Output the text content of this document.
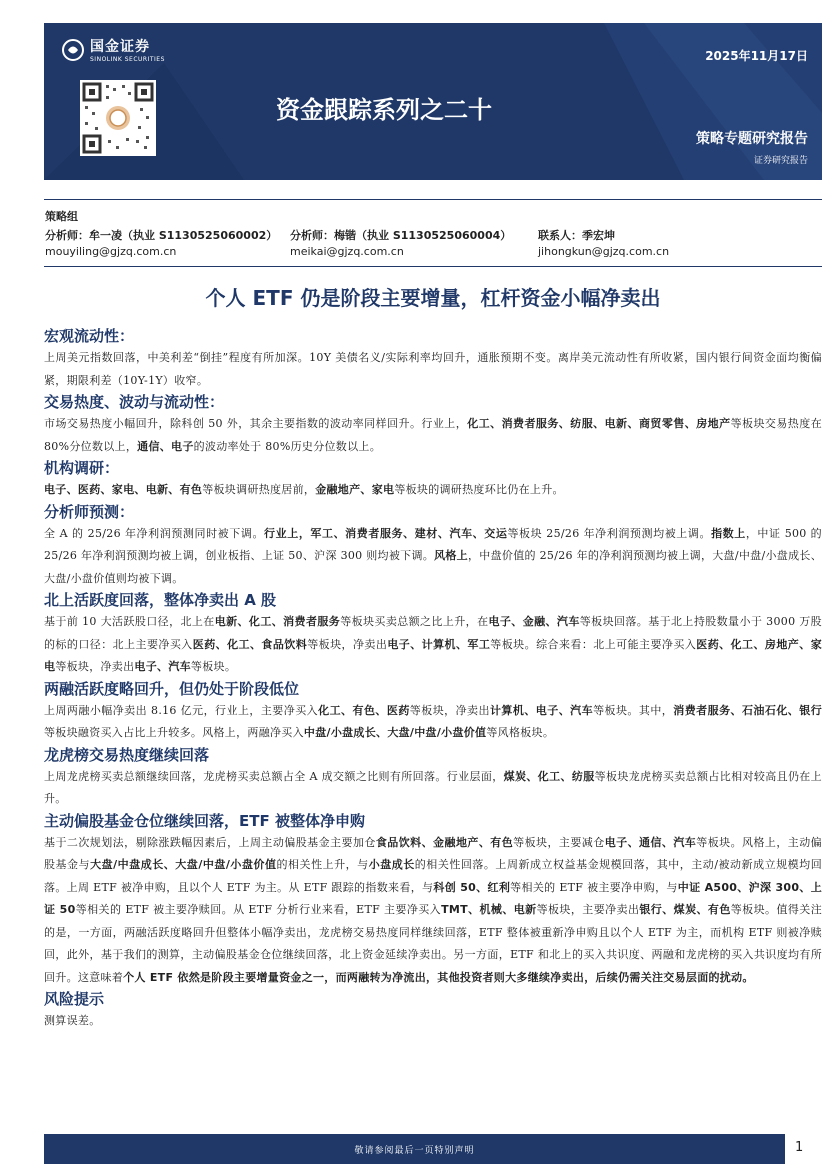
国金证券
SINOLINK SECURITIES	2025年11月17日
资金跟踪系列之二十
策略专题研究报告
证券研究报告
策略组
分析师：牟一凌（执业 S1130525060002） 分析师：梅锴（执业 S1130525060004） 联系人：季宏坤
mouyiling@gjzq.com.cn	meikai@gjzq.com.cn	jihongkun@gjzq.com.cn
个人 ETF 仍是阶段主要增量，杠杆资金小幅净卖出
宏观流动性：

上周美元指数回落，中美利差“倒挂”程度有所加深。10Y 美债名义/实际利率均回升，通胀预期不变。离岸美元流动性有所收紧，国内银行间资金面均衡偏紧，期限利差（10Y-1Y）收窄。

交易热度、波动与流动性：

市场交易热度小幅回升，除科创 50 外，其余主要指数的波动率同样回升。行业上，化工、消费者服务、纺服、电新、商贸零售、房地产等板块交易热度在 80%分位数以上，通信、电子的波动率处于 80%历史分位数以上。

机构调研：

电子、医药、家电、电新、有色等板块调研热度居前，金融地产、家电等板块的调研热度环比仍在上升。

分析师预测：

全 A 的 25/26 年净利润预测同时被下调。行业上，军工、消费者服务、建材、汽车、交运等板块 25/26 年净利润预测均被上调。指数上，中证 500 的 25/26 年净利润预测均被上调，创业板指、上证 50、沪深 300 则均被下调。风格上，中盘价值的 25/26 年的净利润预测均被上调，大盘/中盘/小盘成长、大盘/小盘价值则均被下调。

北上活跃度回落，整体净卖出 A 股

基于前 10 大活跃股口径，北上在电新、化工、消费者服务等板块买卖总额之比上升，在电子、金融、汽车等板块回落。基于北上持股数量小于 3000 万股的标的口径：北上主要净买入医药、化工、食品饮料等板块，净卖出电子、计算机、军工等板块。综合来看：北上可能主要净买入医药、化工、房地产、家电等板块，净卖出电子、汽车等板块。

两融活跃度略回升，但仍处于阶段低位

上周两融小幅净卖出 8.16 亿元，行业上，主要净买入化工、有色、医药等板块，净卖出计算机、电子、汽车等板块。其中，消费者服务、石油石化、银行等板块融资买入占比上升较多。风格上，两融净买入中盘/小盘成长、大盘/中盘/小盘价值等风格板块。

龙虎榜交易热度继续回落

上周龙虎榜买卖总额继续回落，龙虎榜买卖总额占全 A 成交额之比则有所回落。行业层面，煤炭、化工、纺服等板块龙虎榜买卖总额占比相对较高且仍在上升。

主动偏股基金仓位继续回落，ETF 被整体净申购

基于二次规划法，剔除涨跌幅因素后，上周主动偏股基金主要加仓食品饮料、金融地产、有色等板块，主要减仓电子、通信、汽车等板块。风格上，主动偏股基金与大盘/中盘成长、大盘/中盘/小盘价值的相关性上升，与小盘成长的相关性回落。上周新成立权益基金规模回落，其中，主动/被动新成立规模均回落。上周 ETF 被净申购，且以个人 ETF 为主。从 ETF 跟踪的指数来看，与科创 50、红利等相关的 ETF 被主要净申购，与中证 A500、沪深 300、上证 50等相关的 ETF 被主要净赎回。从 ETF 分析行业来看，ETF 主要净买入TMT、机械、电新等板块，主要净卖出银行、煤炭、有色等板块。值得关注的是，一方面，两融活跃度略回升但整体小幅净卖出，龙虎榜交易热度同样继续回落，ETF 整体被重新净申购且以个人 ETF 为主，而机构 ETF 则被净赎回，此外，基于我们的测算，主动偏股基金仓位继续回落，北上资金延续净卖出。另一方面，ETF 和北上的买入共识度、两融和龙虎榜的买入共识度均有所回升。这意味着个人 ETF 依然是阶段主要增量资金之一，而两融转为净流出，其他投资者则大多继续净卖出，后续仍需关注交易层面的扰动。

风险提示

测算误差。

敬请参阅最后一页特别声明	1
